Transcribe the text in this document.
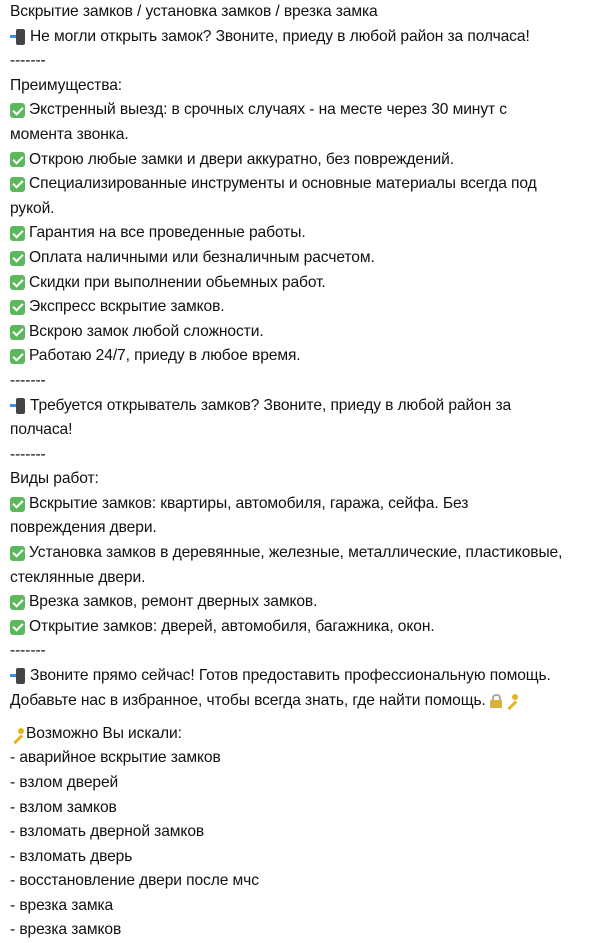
Вскрытие замков / установка замков / врезка замка
Не могли открыть замок? Звоните, приеду в любой район за полчаса!
-------
Преимущества:
Экстренный выезд: в срочных случаях - на месте через 30 минут с
момента звонка.
Открою любые замки и двери аккуратно, без повреждений.
Специализированные инструменты и основные материалы всегда под
рукой.
Гарантия на все проведенные работы.
Оплата наличными или безналичным расчетом.
Скидки при выполнении обьемных работ.
Экспресс вскрытие замков.
Вскрою замок любой сложности.
Работаю 24/7, приеду в любое время.
-------
Требуется открыватель замков? Звоните, приеду в любой район за
полчаса!
-------
Виды работ:
Вскрытие замков: квартиры, автомобиля, гаража, сейфа. Без
повреждения двери.
Установка замков в деревянные, железные, металлические, пластиковые,
стеклянные двери.
Врезка замков, ремонт дверных замков.
Открытие замков: дверей, автомобиля, багажника, окон.
-------
Звоните прямо сейчас! Готов предоставить профессиональную помощь.
Добавьте нас в избранное, чтобы всегда знать, где найти помощь.
Возможно Вы искали:
- аварийное вскрытие замков
- взлом дверей
- взлом замков
- взломать дверной замков
- взломать дверь
- восстановление двери после мчс
- врезка замка
- врезка замков
